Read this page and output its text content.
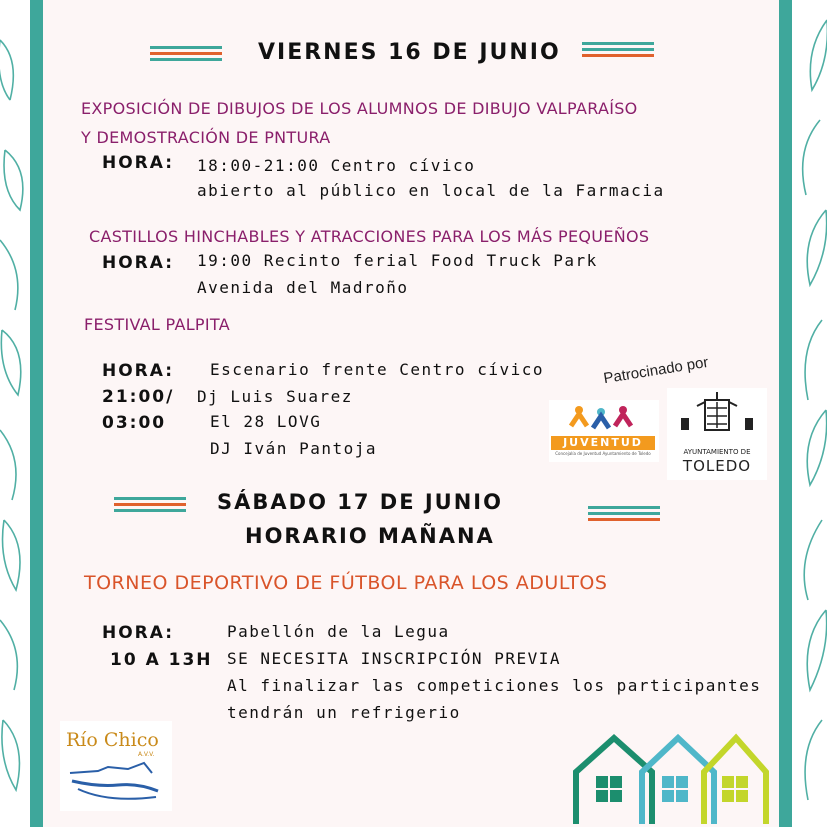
VIERNES 16 DE JUNIO
EXPOSICIÓN DE DIBUJOS DE LOS ALUMNOS DE DIBUJO VALPARAÍSO
Y DEMOSTRACIÓN DE PNTURA
HORA: 18:00-21:00 Centro cívico
abierto al público en local de la Farmacia
CASTILLOS HINCHABLES Y ATRACCIONES PARA LOS MÁS PEQUEÑOS
HORA: 19:00 Recinto ferial Food Truck Park
Avenida del Madroño
FESTIVAL PALPITA
HORA:
21:00/
03:00
Escenario frente Centro cívico
Dj Luis Suarez
El 28 LOVG
DJ Iván Pantoja
Patrocinado por
JUVENTUD
Concejalía de Juventud Ayuntamiento de Toledo	AYUNTAMIENTO DE
TOLEDO
SÁBADO 17 DE JUNIO
HORARIO MAÑANA
TORNEO DEPORTIVO DE FÚTBOL PARA LOS ADULTOS
HORA:
10 A 13H
Pabellón de la Legua
SE NECESITA INSCRIPCIÓN PREVIA
Al finalizar las competiciones los participantes
tendrán un refrigerio
Río Chico
A.V.V.
